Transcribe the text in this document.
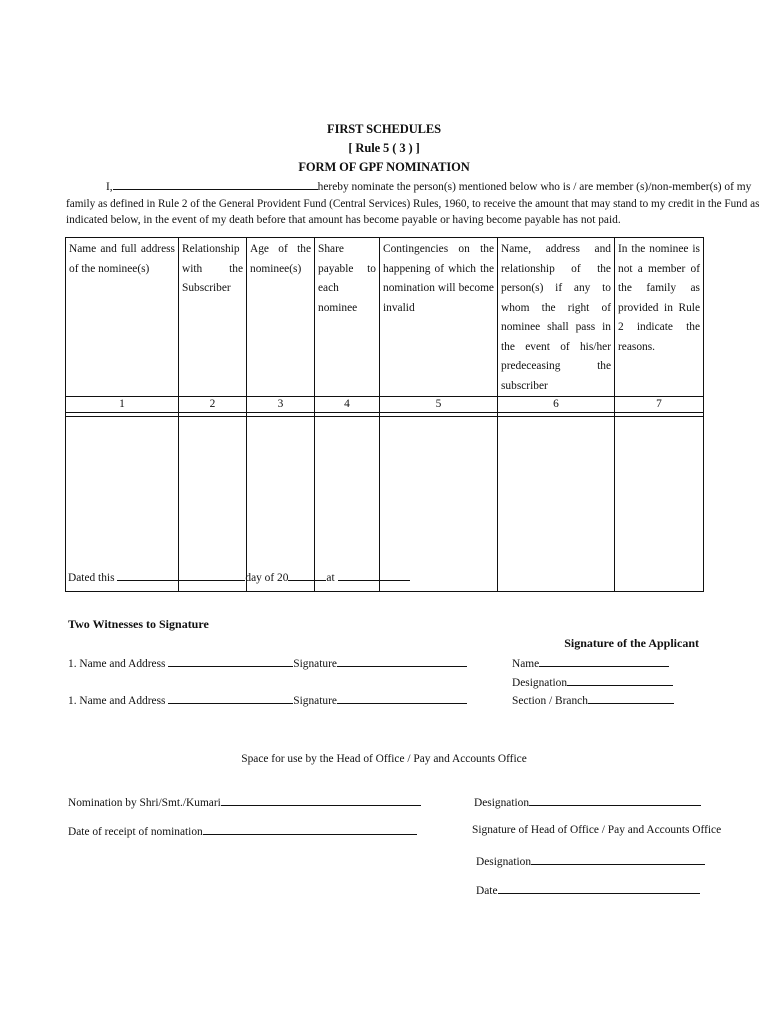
FIRST SCHEDULES
[ Rule 5 ( 3 ) ]
FORM OF GPF NOMINATION
I,	hereby nominate the person(s) mentioned below who is / are member (s)/non-member(s) of my
family as defined in Rule 2 of the General Provident Fund (Central Services) Rules, 1960, to receive the amount that may stand to my credit in the Fund as
indicated below, in the event of my death before that amount has become payable or having become payable has not paid.
Name and full address of the nominee(s)	Relationship with the Subscriber	Age of the nominee(s)	Share payable to each nominee	Contingencies on the happening of which the nomination will become invalid	Name, address and relationship of the person(s) if any to whom the right of nominee shall pass in the event of his/her predeceasing the subscriber	In the nominee is not a member of the family as provided in Rule 2 indicate the reasons.
1	2	3	4	5	6	7

Dated this	day of 20	at
Two Witnesses to Signature
Signature of the Applicant
1. Name and Address	Signature
1. Name and Address	Signature
Name
Designation
Section / Branch
Space for use by the Head of Office / Pay and Accounts Office
Nomination by Shri/Smt./Kumari
Date of receipt of nomination
Designation
Signature of Head of Office / Pay and Accounts Office
Designation
Date
